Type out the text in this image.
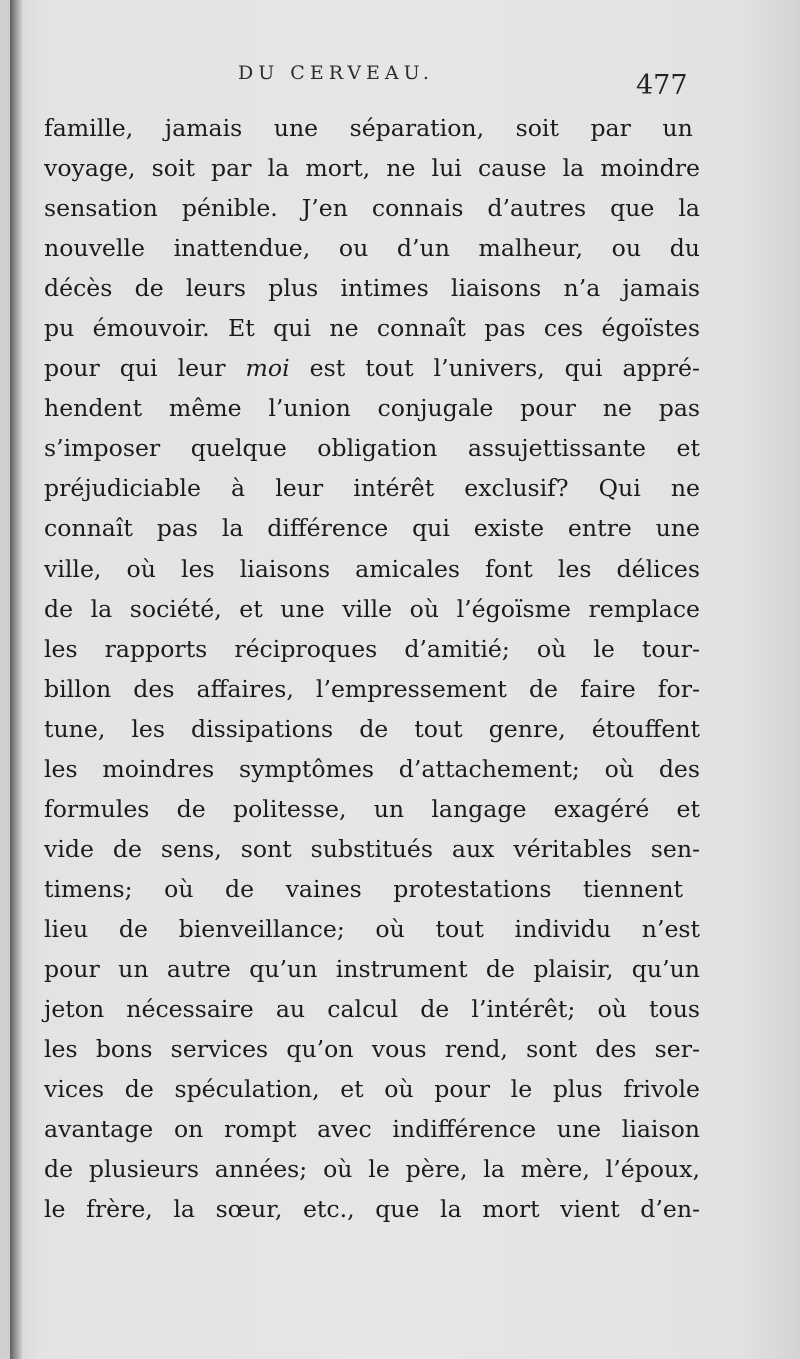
DU CERVEAU.	477
famille, jamais une séparation, soit par un
voyage, soit par la mort, ne lui cause la moindre
sensation pénible. J’en connais d’autres que la
nouvelle inattendue, ou d’un malheur, ou du
décès de leurs plus intimes liaisons n’a jamais
pu émouvoir. Et qui ne connaît pas ces égoïstes
pour qui leur moi est tout l’univers, qui appré-
hendent même l’union conjugale pour ne pas
s’imposer quelque obligation assujettissante et
préjudiciable à leur intérêt exclusif? Qui ne
connaît pas la différence qui existe entre une
ville, où les liaisons amicales font les délices
de la société, et une ville où l’égoïsme remplace
les rapports réciproques d’amitié; où le tour-
billon des affaires, l’empressement de faire for-
tune, les dissipations de tout genre, étouffent
les moindres symptômes d’attachement; où des
formules de politesse, un langage exagéré et
vide de sens, sont substitués aux véritables sen-
timens; où de vaines protestations tiennent
lieu de bienveillance; où tout individu n’est
pour un autre qu’un instrument de plaisir, qu’un
jeton nécessaire au calcul de l’intérêt; où tous
les bons services qu’on vous rend, sont des ser-
vices de spéculation, et où pour le plus frivole
avantage on rompt avec indifférence une liaison
de plusieurs années; où le père, la mère, l’époux,
le frère, la sœur, etc., que la mort vient d’en-
